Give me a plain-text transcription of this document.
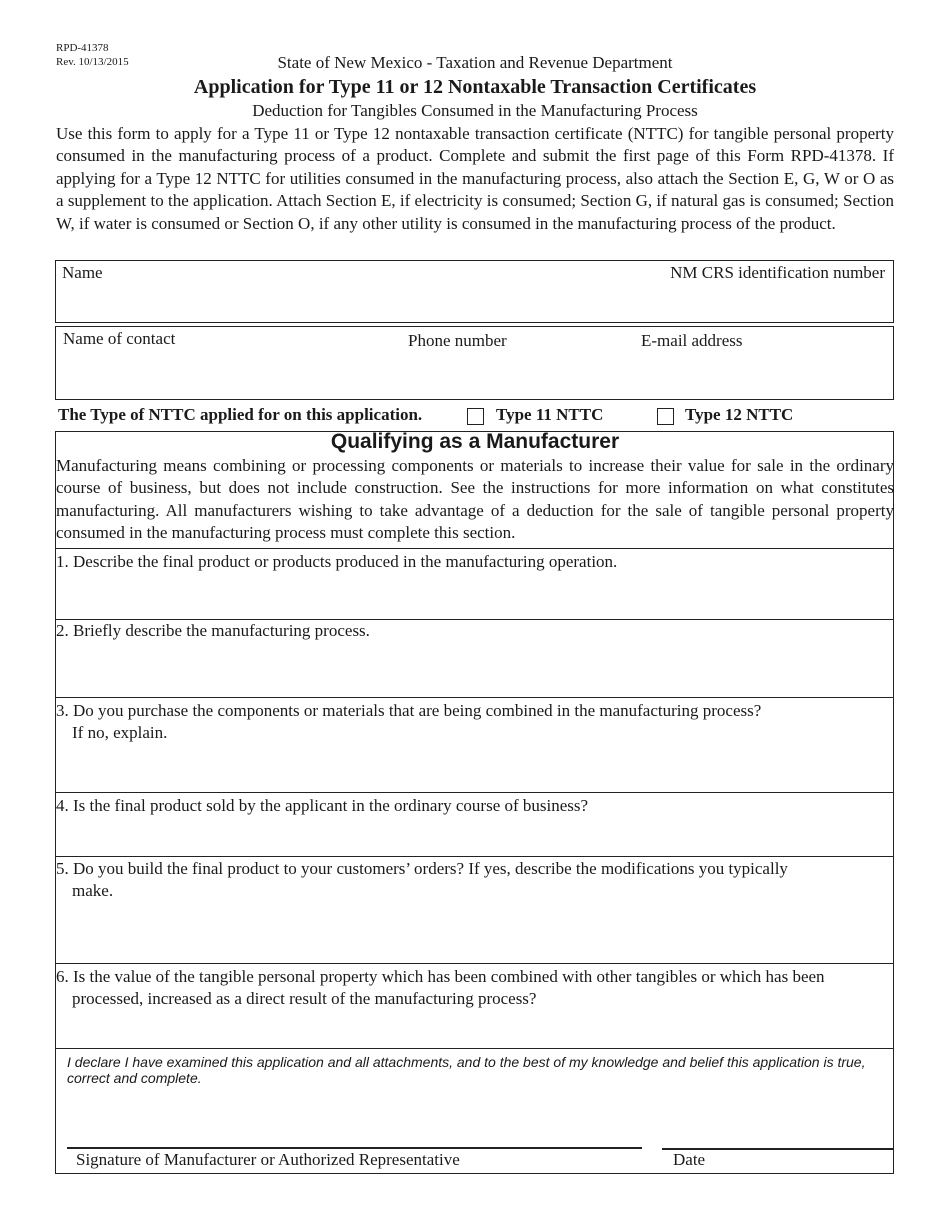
RPD-41378
Rev. 10/13/2015	State of New Mexico - Taxation and Revenue Department
Application for Type 11 or 12 Nontaxable Transaction Certificates
Deduction for Tangibles Consumed in the Manufacturing Process
Use this form to apply for a Type 11 or Type 12 nontaxable transaction certificate (NTTC) for tangible personal property consumed in the manufacturing process of a product. Complete and submit the first page of this Form RPD-41378. If applying for a Type 12 NTTC for utilities consumed in the manufacturing process, also attach the Section E, G, W or O as a supplement to the application. Attach Section E, if electricity is consumed; Section G, if natural gas is consumed; Section W, if water is consumed or Section O, if any other utility is consumed in the manufacturing process of the product.
Name	NM CRS identification number
Name of contact	Phone number	E-mail address
The Type of NTTC applied for on this application.	Type 11 NTTC	Type 12 NTTC
Qualifying as a Manufacturer
Manufacturing means combining or processing components or materials to increase their value for sale in the ordinary course of business, but does not include construction. See the instructions for more information on what constitutes manufacturing. All manufacturers wishing to take advantage of a deduction for the sale of tangible personal property consumed in the manufacturing process must complete this section.
1. Describe the final product or products produced in the manufacturing operation.
2. Briefly describe the manufacturing process.
3. Do you purchase the components or materials that are being combined in the manufacturing process?
If no, explain.
4. Is the final product sold by the applicant in the ordinary course of business?
5. Do you build the final product to your customers’ orders? If yes, describe the modifications you typically
make.
6. Is the value of the tangible personal property which has been combined with other tangibles or which has been
processed, increased as a direct result of the manufacturing process?
I declare I have examined this application and all attachments, and to the best of my knowledge and belief this application is true, correct and complete.
Signature of Manufacturer or Authorized Representative	Date
